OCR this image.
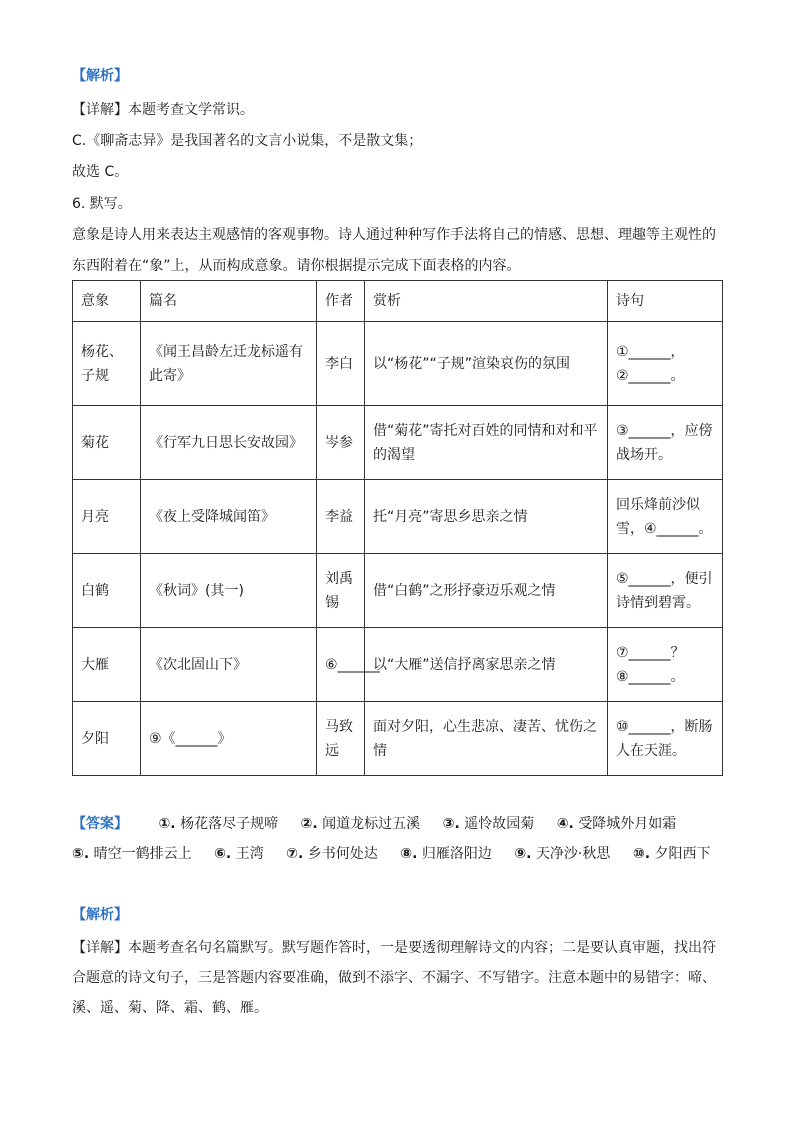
【解析】
【详解】本题考查文学常识。
C.《聊斋志异》是我国著名的文言小说集，不是散文集；
故选 C。
6. 默写。
意象是诗人用来表达主观感情的客观事物。诗人通过种种写作手法将自己的情感、思想、理趣等主观性的
东西附着在“象”上，从而构成意象。请你根据提示完成下面表格的内容。
意象	篇名	作者	赏析	诗句
杨花、子规	《闻王昌龄左迁龙标遥有此寄》	李白	以“杨花”“子规”渲染哀伤的氛围	①______，②______。
菊花	《行军九日思长安故园》	岑参	借“菊花”寄托对百姓的同情和对和平的渴望	③______，应傍战场开。
月亮	《夜上受降城闻笛》	李益	托“月亮”寄思乡思亲之情	回乐烽前沙似雪，④______。
白鹤	《秋词》(其一)	刘禹锡	借“白鹤”之形抒豪迈乐观之情	⑤______，便引诗情到碧霄。
大雁	《次北固山下》	⑥______	以“大雁”送信抒离家思亲之情	⑦______？⑧______。
夕阳	⑨《______》	马致远	面对夕阳，心生悲凉、凄苦、忧伤之情	⑩______，断肠人在天涯。
【答案】 ①. 杨花落尽子规啼 ②. 闻道龙标过五溪 ③. 遥怜故园菊 ④. 受降城外月如霜 ⑤. 晴空一鹤排云上 ⑥. 王湾 ⑦. 乡书何处达 ⑧. 归雁洛阳边 ⑨. 天净沙·秋思 ⑩. 夕阳西下
【解析】
【详解】本题考查名句名篇默写。默写题作答时，一是要透彻理解诗文的内容；二是要认真审题，找出符
合题意的诗文句子，三是答题内容要准确，做到不添字、不漏字、不写错字。注意本题中的易错字：啼、
溪、遥、菊、降、霜、鹤、雁。
